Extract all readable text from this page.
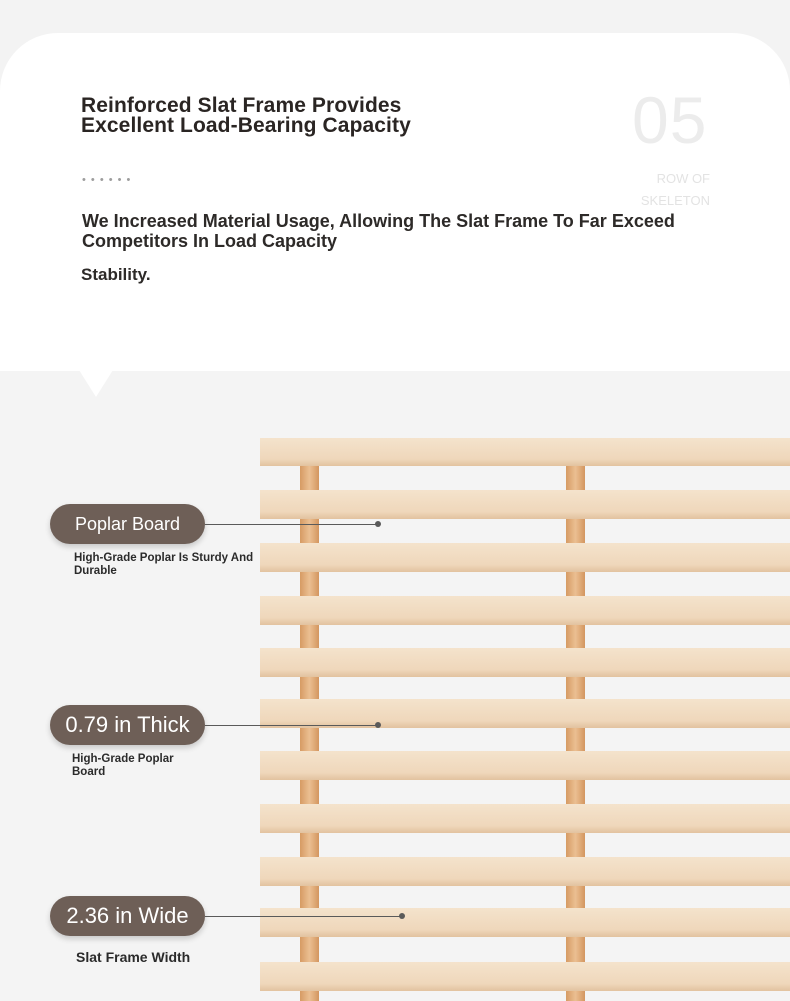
Reinforced Slat Frame Provides
Excellent Load-Bearing Capacity	05
ROW OF
SKELETON
• • • • • •

We Increased Material Usage, Allowing The Slat Frame To Far Exceed Competitors In Load Capacity

Stability.

Poplar Board
High-Grade Poplar Is Sturdy And Durable
0.79 in Thick
High-Grade Poplar Board
2.36 in Wide
Slat Frame Width
